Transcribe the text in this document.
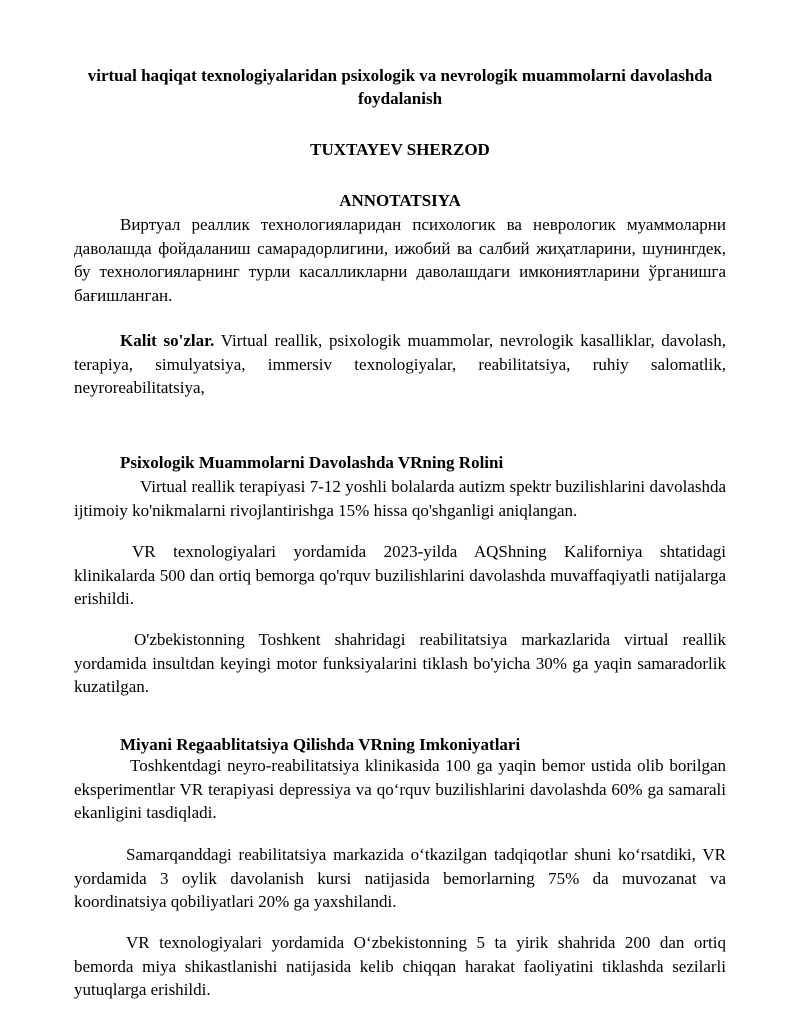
virtual haqiqat texnologiyalaridan psixologik va nevrologik muammolarni davolashda foydalanish
TUXTAYEV SHERZOD
ANNOTATSIYA

Виртуал реаллик технологияларидан психологик ва неврологик муаммоларни даволашда фойдаланиш самарадорлигини, ижобий ва салбий жиҳатларини, шунингдек, бу технологияларнинг турли касалликларни даволашдаги имкониятларини ўрганишга бағишланган.

Kalit so'zlar. Virtual reallik, psixologik muammolar, nevrologik kasalliklar, davolash, terapiya, simulyatsiya, immersiv texnologiyalar, reabilitatsiya, ruhiy salomatlik, neyroreabilitatsiya,

Psixologik Muammolarni Davolashda VRning Rolini

Virtual reallik terapiyasi 7-12 yoshli bolalarda autizm spektr buzilishlarini davolashda ijtimoiy ko'nikmalarni rivojlantirishga 15% hissa qo'shganligi aniqlangan.

VR texnologiyalari yordamida 2023-yilda AQShning Kaliforniya shtatidagi klinikalarda 500 dan ortiq bemorga qo'rquv buzilishlarini davolashda muvaffaqiyatli natijalarga erishildi.

O'zbekistonning Toshkent shahridagi reabilitatsiya markazlarida virtual reallik yordamida insultdan keyingi motor funksiyalarini tiklash bo'yicha 30% ga yaqin samaradorlik kuzatilgan.

Miyani Regaablitatsiya Qilishda VRning Imkoniyatlari

Toshkentdagi neyro-reabilitatsiya klinikasida 100 ga yaqin bemor ustida olib borilgan eksperimentlar VR terapiyasi depressiya va qo‘rquv buzilishlarini davolashda 60% ga samarali ekanligini tasdiqladi.

Samarqanddagi reabilitatsiya markazida o‘tkazilgan tadqiqotlar shuni ko‘rsatdiki, VR yordamida 3 oylik davolanish kursi natijasida bemorlarning 75% da muvozanat va koordinatsiya qobiliyatlari 20% ga yaxshilandi.

VR texnologiyalari yordamida O‘zbekistonning 5 ta yirik shahrida 200 dan ortiq bemorda miya shikastlanishi natijasida kelib chiqqan harakat faoliyatini tiklashda sezilarli yutuqlarga erishildi.
